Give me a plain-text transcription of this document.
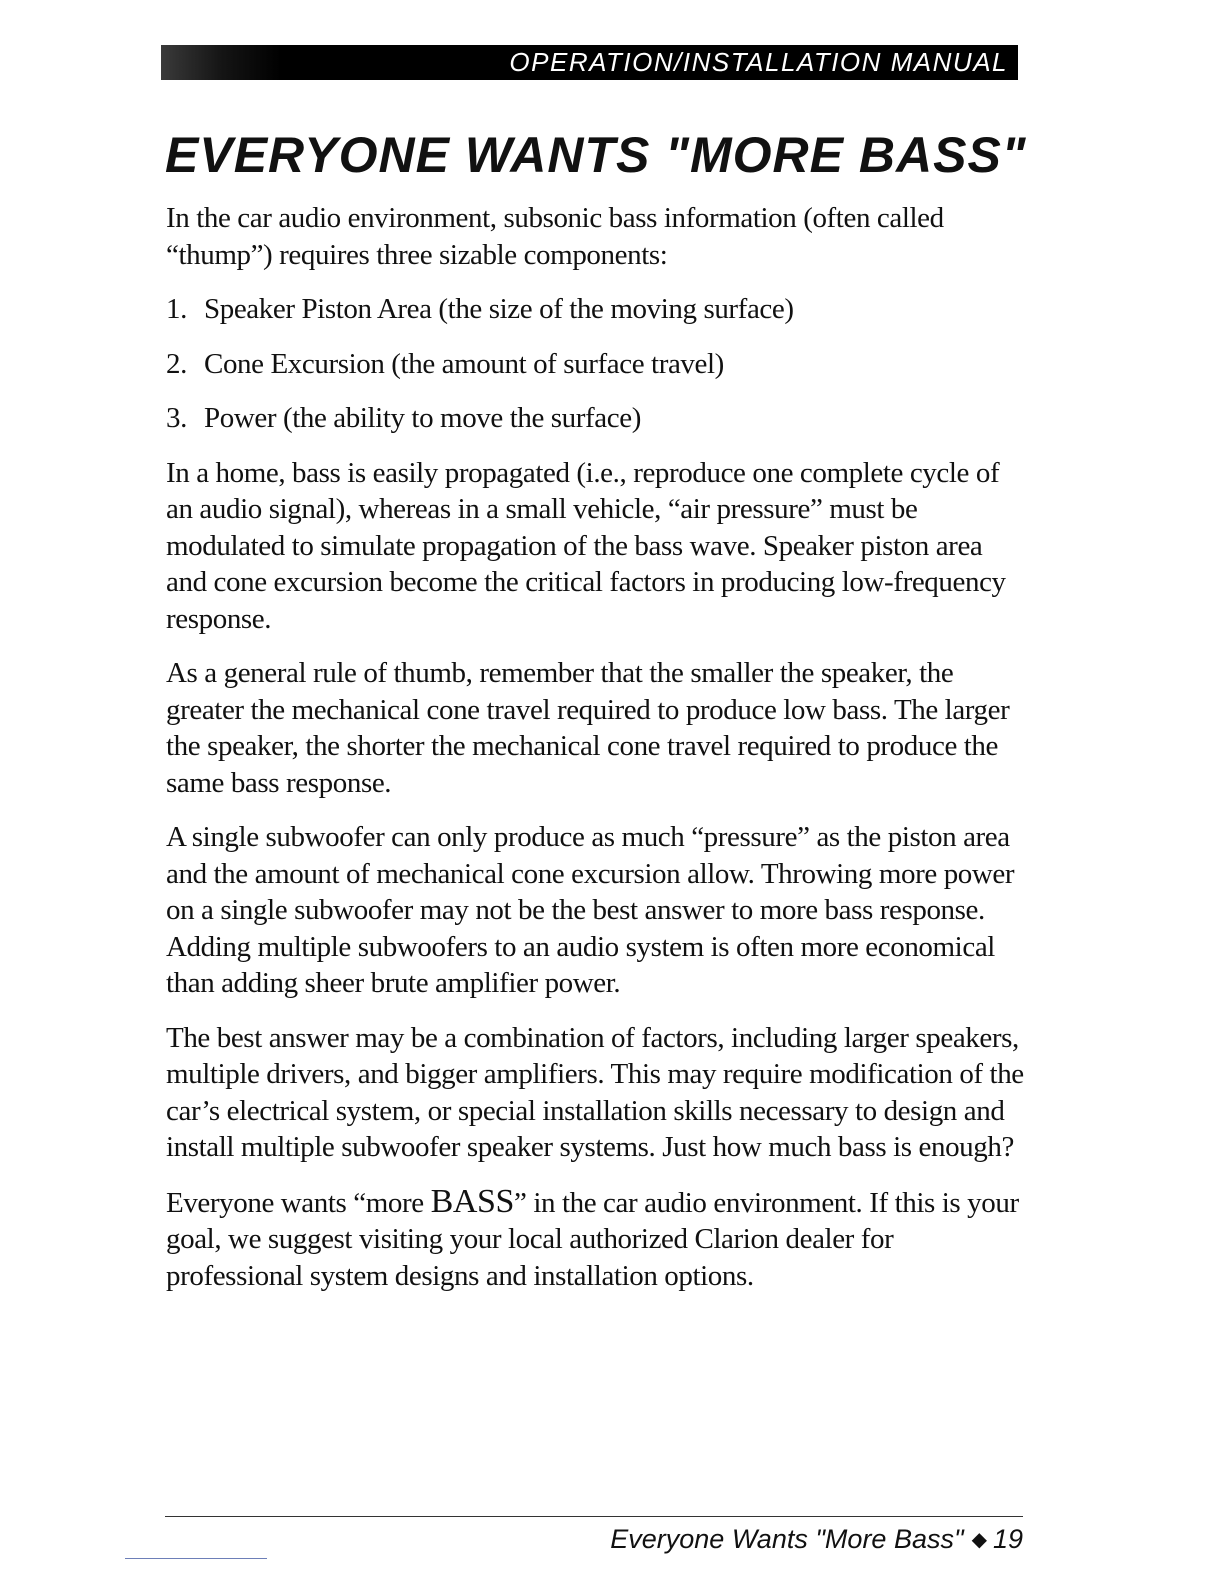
OPERATION/INSTALLATION MANUAL
EVERYONE WANTS "MORE BASS"

In the car audio environment, subsonic bass information (often called “thump”) requires three sizable components:

1. Speaker Piston Area (the size of the moving surface)
2. Cone Excursion (the amount of surface travel)
3. Power (the ability to move the surface)

In a home, bass is easily propagated (i.e., reproduce one complete cycle of an audio signal), whereas in a small vehicle, “air pressure” must be modulated to simulate propagation of the bass wave. Speaker piston area and cone excursion become the critical factors in producing low-frequency response.

As a general rule of thumb, remember that the smaller the speaker, the greater the mechanical cone travel required to produce low bass. The larger the speaker, the shorter the mechanical cone travel required to produce the same bass response.

A single subwoofer can only produce as much “pressure” as the piston area and the amount of mechanical cone excursion allow. Throwing more power on a single subwoofer may not be the best answer to more bass response. Adding multiple subwoofers to an audio system is often more economical than adding sheer brute amplifier power.

The best answer may be a combination of factors, including larger speakers, multiple drivers, and bigger amplifiers. This may require modification of the car’s electrical system, or special installation skills necessary to design and install multiple subwoofer speaker systems. Just how much bass is enough?

Everyone wants “more BASS” in the car audio environment. If this is your goal, we suggest visiting your local authorized Clarion dealer for professional system designs and installation options.

Everyone Wants "More Bass" ◆ 19
